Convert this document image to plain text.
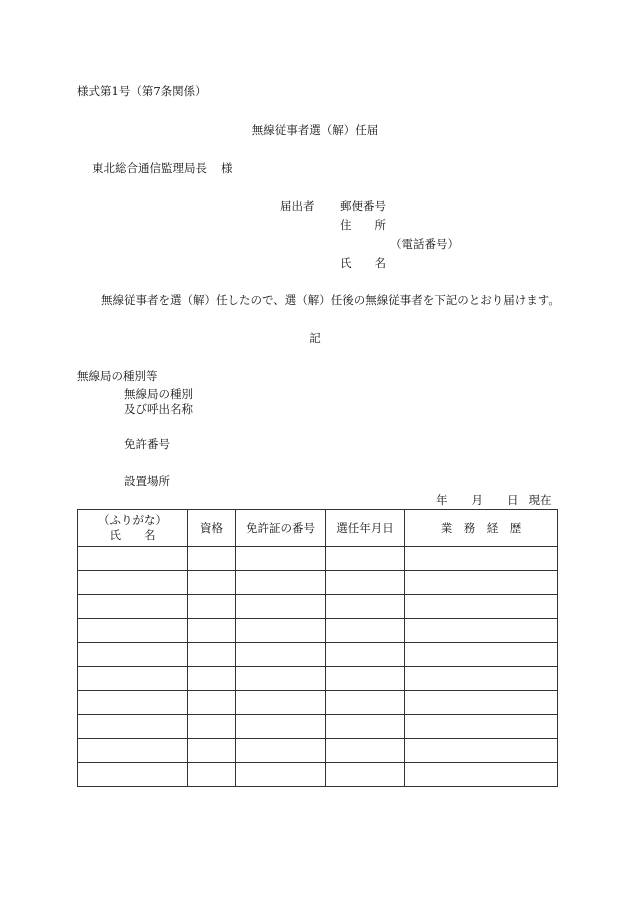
様式第1号（第7条関係）
無線従事者選（解）任届
東北総合通信監理局長 様
届出者 郵便番号
住　　所
（電話番号）
氏　　名
無線従事者を選（解）任したので、選（解）任後の無線従事者を下記のとおり届けます。
記
無線局の種別等
無線局の種別
及び呼出名称
免許番号
設置場所
年 月 日 現在
（ふりがな）
氏　　名	資格	免許証の番号	選任年月日	業　務　経　歴
